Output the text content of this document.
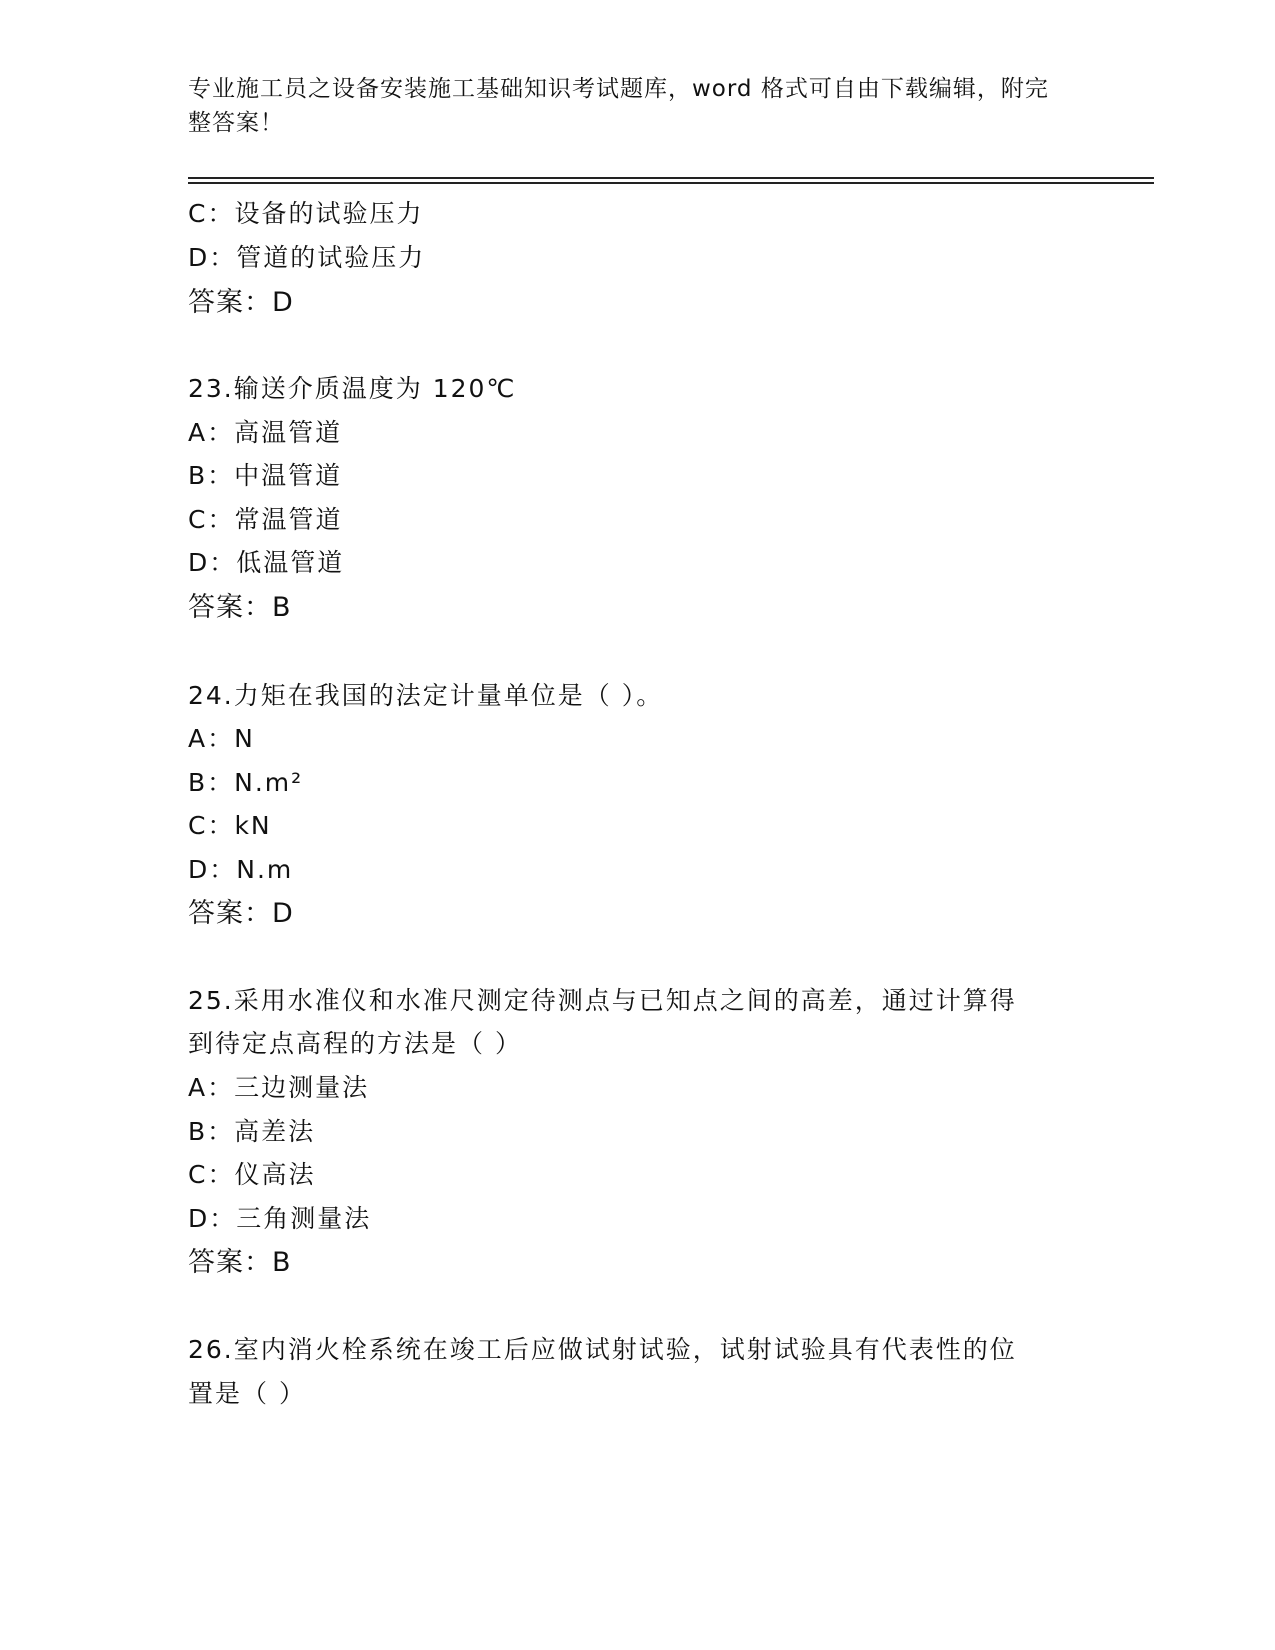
专业施工员之设备安装施工基础知识考试题库，word 格式可自由下载编辑，附完整答案！
C：设备的试验压力
D：管道的试验压力
答案：D
23.输送介质温度为 120℃
A：高温管道
B：中温管道
C：常温管道
D：低温管道
答案：B
24.力矩在我国的法定计量单位是（ ）。
A：N
B：N.m²
C：kN
D：N.m
答案：D
25.采用水准仪和水准尺测定待测点与已知点之间的高差，通过计算得
到待定点高程的方法是（ ）
A：三边测量法
B：高差法
C：仪高法
D：三角测量法
答案：B
26.室内消火栓系统在竣工后应做试射试验，试射试验具有代表性的位
置是（ ）
